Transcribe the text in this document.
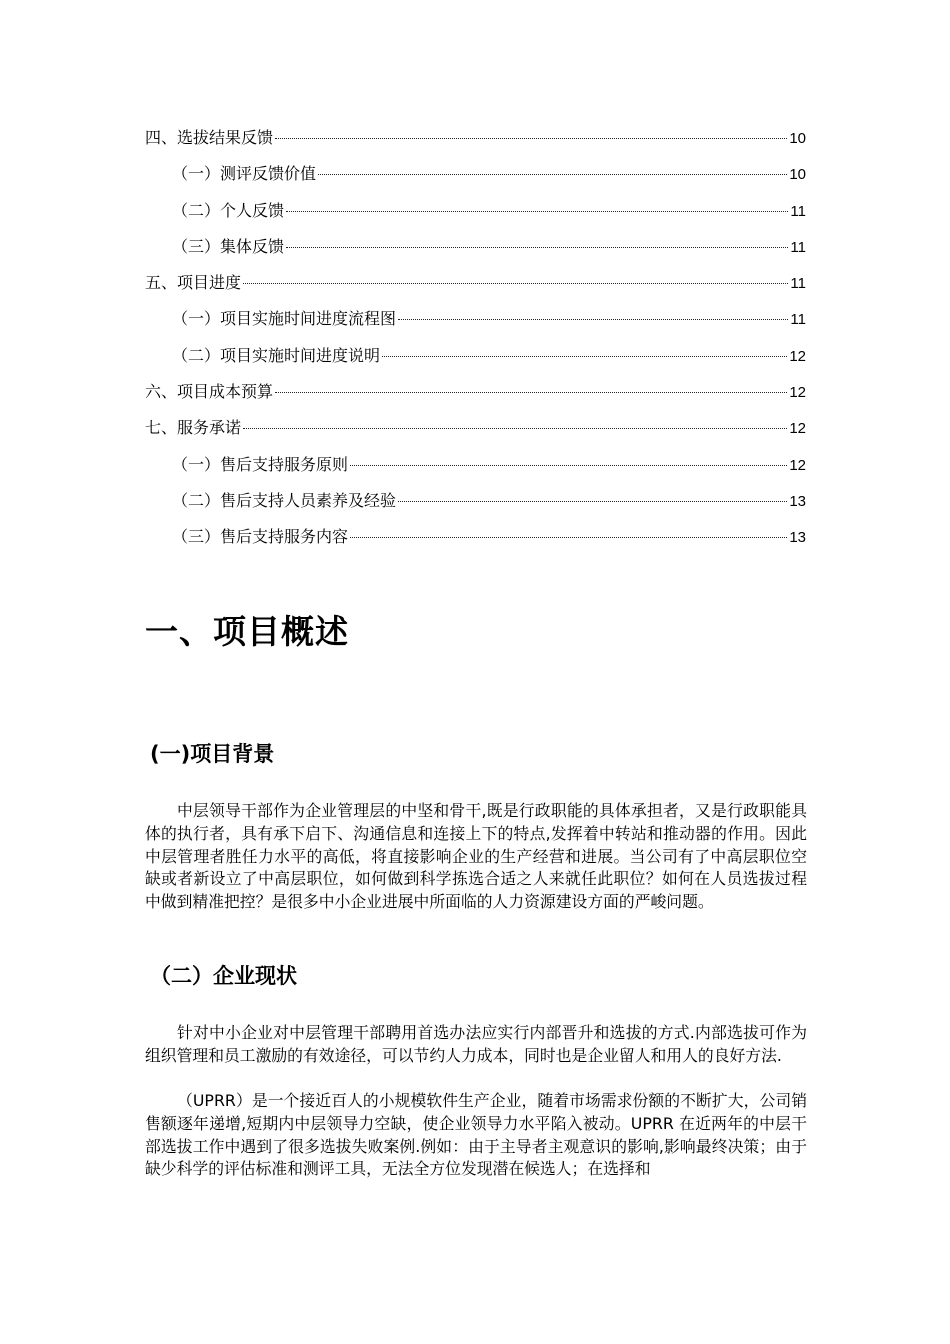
四、选拔结果反馈	10
（一）测评反馈价值	10
（二）个人反馈	11
（三）集体反馈	11
五、项目进度	11
（一）项目实施时间进度流程图	11
（二）项目实施时间进度说明	12
六、项目成本预算	12
七、服务承诺	12
（一）售后支持服务原则	12
（二）售后支持人员素养及经验	13
（三）售后支持服务内容	13
一、项目概述
(一)项目背景

中层领导干部作为企业管理层的中坚和骨干,既是行政职能的具体承担者，又是行政职能具体的执行者，具有承下启下、沟通信息和连接上下的特点,发挥着中转站和推动器的作用。因此中层管理者胜任力水平的高低，将直接影响企业的生产经营和进展。当公司有了中高层职位空缺或者新设立了中高层职位，如何做到科学拣选合适之人来就任此职位？如何在人员选拔过程中做到精准把控？是很多中小企业进展中所面临的人力资源建设方面的严峻问题。

（二）企业现状

针对中小企业对中层管理干部聘用首选办法应实行内部晋升和选拔的方式.内部选拔可作为组织管理和员工激励的有效途径，可以节约人力成本，同时也是企业留人和用人的良好方法.

（UPRR）是一个接近百人的小规模软件生产企业，随着市场需求份额的不断扩大，公司销售额逐年递增,短期内中层领导力空缺，使企业领导力水平陷入被动。UPRR 在近两年的中层干部选拔工作中遇到了很多选拔失败案例.例如：由于主导者主观意识的影响,影响最终决策；由于缺少科学的评估标准和测评工具，无法全方位发现潜在候选人；在选择和
